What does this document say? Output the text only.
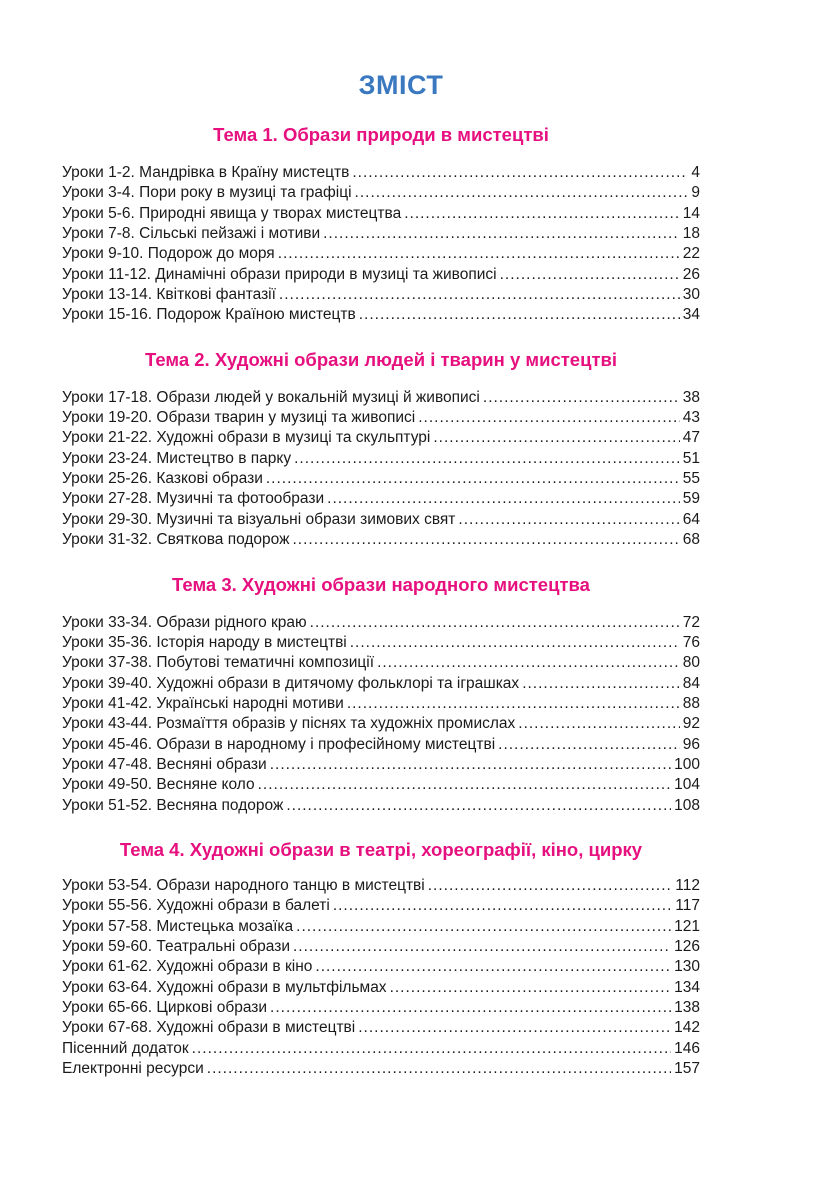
ЗМІСТ
Тема 1. Образи природи в мистецтві
Уроки 1-2. Мандрівка в Країну мистецтв .....	4
Уроки 3-4. Пори року в музиці та графіці .....	9
Уроки 5-6. Природні явища у творах мистецтва .....	14
Уроки 7-8. Сільські пейзажі і мотиви .....	18
Уроки 9-10. Подорож до моря .....	22
Уроки 11-12. Динамічні образи природи в музиці та живописі .....	26
Уроки 13-14. Квіткові фантазії .....	30
Уроки 15-16. Подорож Країною мистецтв .....	34
Тема 2. Художні образи людей і тварин у мистецтві
Уроки 17-18. Образи людей у вокальній музиці й живописі .....	38
Уроки 19-20. Образи тварин у музиці та живописі .....	43
Уроки 21-22. Художні образи в музиці та скульптурі .....	47
Уроки 23-24. Мистецтво в парку .....	51
Уроки 25-26. Казкові образи .....	55
Уроки 27-28. Музичні та фотообрази .....	59
Уроки 29-30. Музичні та візуальні образи зимових свят .....	64
Уроки 31-32. Святкова подорож .....	68
Тема 3. Художні образи народного мистецтва
Уроки 33-34. Образи рідного краю .....	72
Уроки 35-36. Історія народу в мистецтві .....	76
Уроки 37-38. Побутові тематичні композиції .....	80
Уроки 39-40. Художні образи в дитячому фольклорі та іграшках .....	84
Уроки 41-42. Українські народні мотиви .....	88
Уроки 43-44. Розмаїття образів у піснях та художніх промислах .....	92
Уроки 45-46. Образи в народному і професійному мистецтві .....	96
Уроки 47-48. Весняні образи .....	100
Уроки 49-50. Весняне коло .....	104
Уроки 51-52. Весняна подорож .....	108
Тема 4. Художні образи в театрі, хореографії, кіно, цирку
Уроки 53-54. Образи народного танцю в мистецтві .....	112
Уроки 55-56. Художні образи в балеті .....	117
Уроки 57-58. Мистецька мозаїка .....	121
Уроки 59-60. Театральні образи .....	126
Уроки 61-62. Художні образи в кіно .....	130
Уроки 63-64. Художні образи в мультфільмах .....	134
Уроки 65-66. Циркові образи .....	138
Уроки 67-68. Художні образи в мистецтві .....	142
Пісенний додаток .....	146
Електронні ресурси .....	157
